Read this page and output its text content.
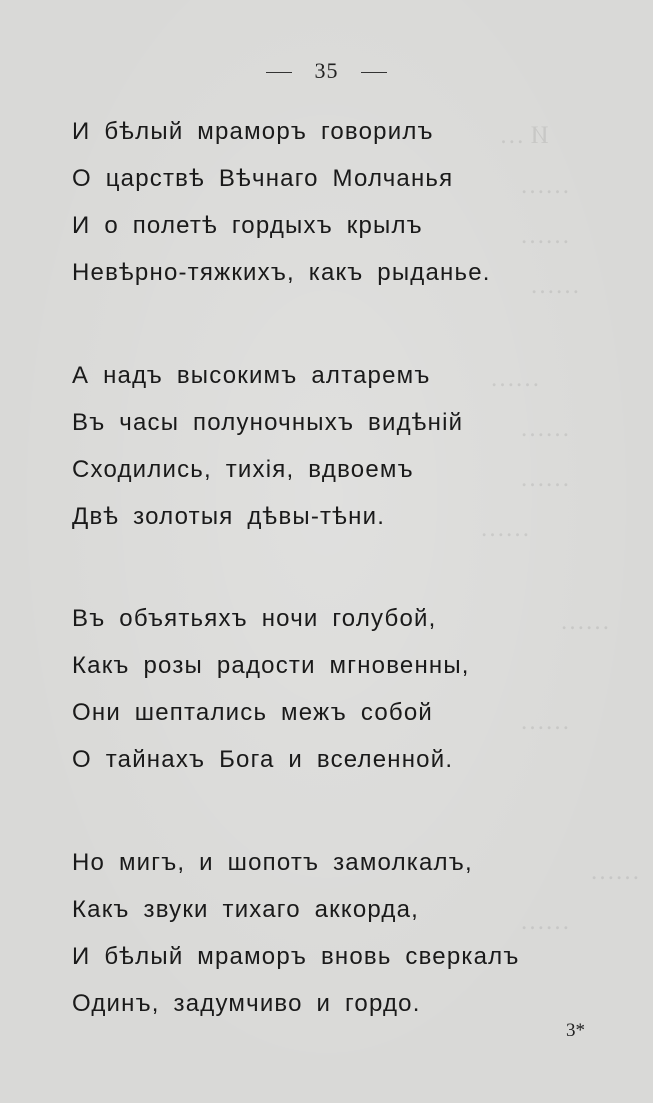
И …
……
……
……
……
……
……
……
……
……
……
……
35
И бѣлый мраморъ говорилъ
О царствѣ Вѣчнаго Молчанья
И о полетѣ гордыхъ крылъ
Невѣрно-тяжкихъ, какъ рыданье.
А надъ высокимъ алтаремъ
Въ часы полуночныхъ видѣній
Сходились, тихія, вдвоемъ
Двѣ золотыя дѣвы-тѣни.
Въ объятьяхъ ночи голубой,
Какъ розы радости мгновенны,
Они шептались межъ собой
О тайнахъ Бога и вселенной.
Но мигъ, и шопотъ замолкалъ,
Какъ звуки тихаго аккорда,
И бѣлый мраморъ вновь сверкалъ
Одинъ, задумчиво и гордо.
3*
